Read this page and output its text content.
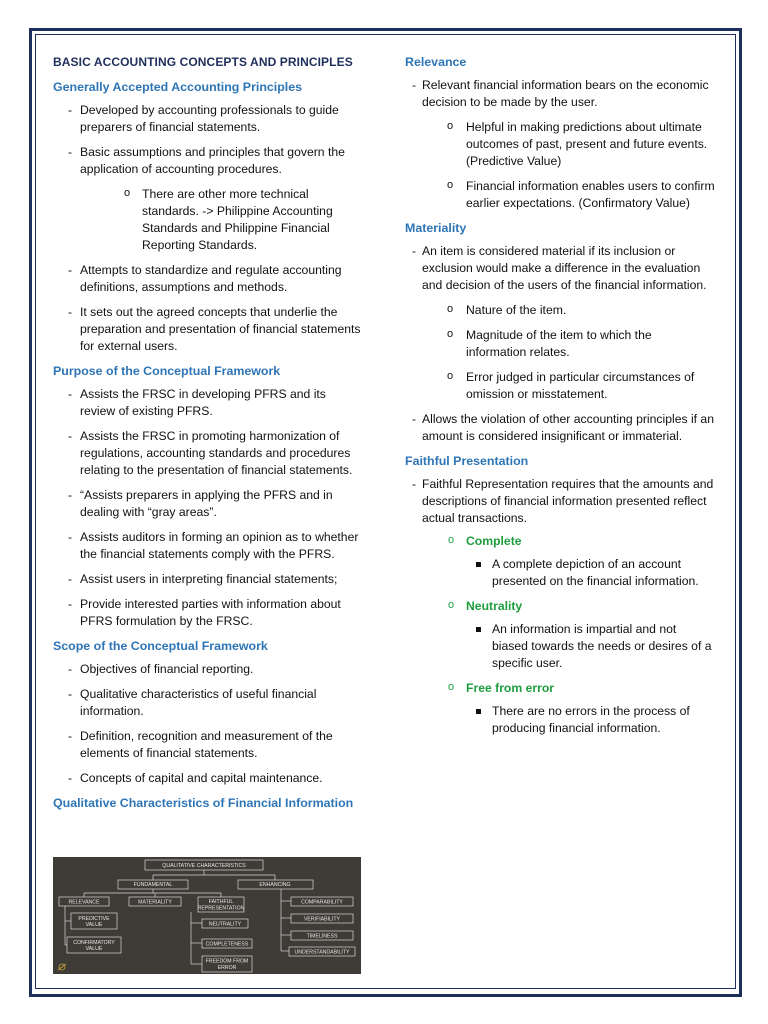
BASIC ACCOUNTING CONCEPTS AND PRINCIPLES
Generally Accepted Accounting Principles
- Developed by accounting professionals to guide preparers of financial statements.
- Basic assumptions and principles that govern the application of accounting procedures.
o There are other more technical standards. -> Philippine Accounting Standards and Philippine Financial Reporting Standards.
- Attempts to standardize and regulate accounting definitions, assumptions and methods.
- It sets out the agreed concepts that underlie the preparation and presentation of financial statements for external users.
Purpose of the Conceptual Framework
- Assists the FRSC in developing PFRS and its review of existing PFRS.
- Assists the FRSC in promoting harmonization of regulations, accounting standards and procedures relating to the presentation of financial statements.
- “Assists preparers in applying the PFRS and in dealing with “gray areas”.
- Assists auditors in forming an opinion as to whether the financial statements comply with the PFRS.
- Assist users in interpreting financial statements;
- Provide interested parties with information about PFRS formulation by the FRSC.
Scope of the Conceptual Framework
- Objectives of financial reporting.
- Qualitative characteristics of useful financial information.
- Definition, recognition and measurement of the elements of financial statements.
- Concepts of capital and capital maintenance.
Qualitative Characteristics of Financial Information
QUALITATIVE CHARACTERISTICS
FUNDAMENTAL	ENHANCING
RELEVANCE	MATERIALITY	FAITHFUL
REPRESENTATION
PREDICTIVE
VALUE
CONFIRMATORY
VALUE
NEUTRALITY
COMPLETENESS
FREEDOM FROM
ERROR
COMPARABILITY
VERIFIABILITY
TIMELINESS
UNDERSTANDABILITY
Relevance
- Relevant financial information bears on the economic decision to be made by the user.
o Helpful in making predictions about ultimate outcomes of past, present and future events. (Predictive Value)
o Financial information enables users to confirm earlier expectations. (Confirmatory Value)
Materiality
- An item is considered material if its inclusion or exclusion would make a difference in the evaluation and decision of the users of the financial information.
o Nature of the item.
o Magnitude of the item to which the information relates.
o Error judged in particular circumstances of omission or misstatement.
- Allows the violation of other accounting principles if an amount is considered insignificant or immaterial.
Faithful Presentation
- Faithful Representation requires that the amounts and descriptions of financial information presented reflect actual transactions.
o Complete
A complete depiction of an account presented on the financial information.
o Neutrality
An information is impartial and not biased towards the needs or desires of a specific user.
o Free from error
There are no errors in the process of producing financial information.
